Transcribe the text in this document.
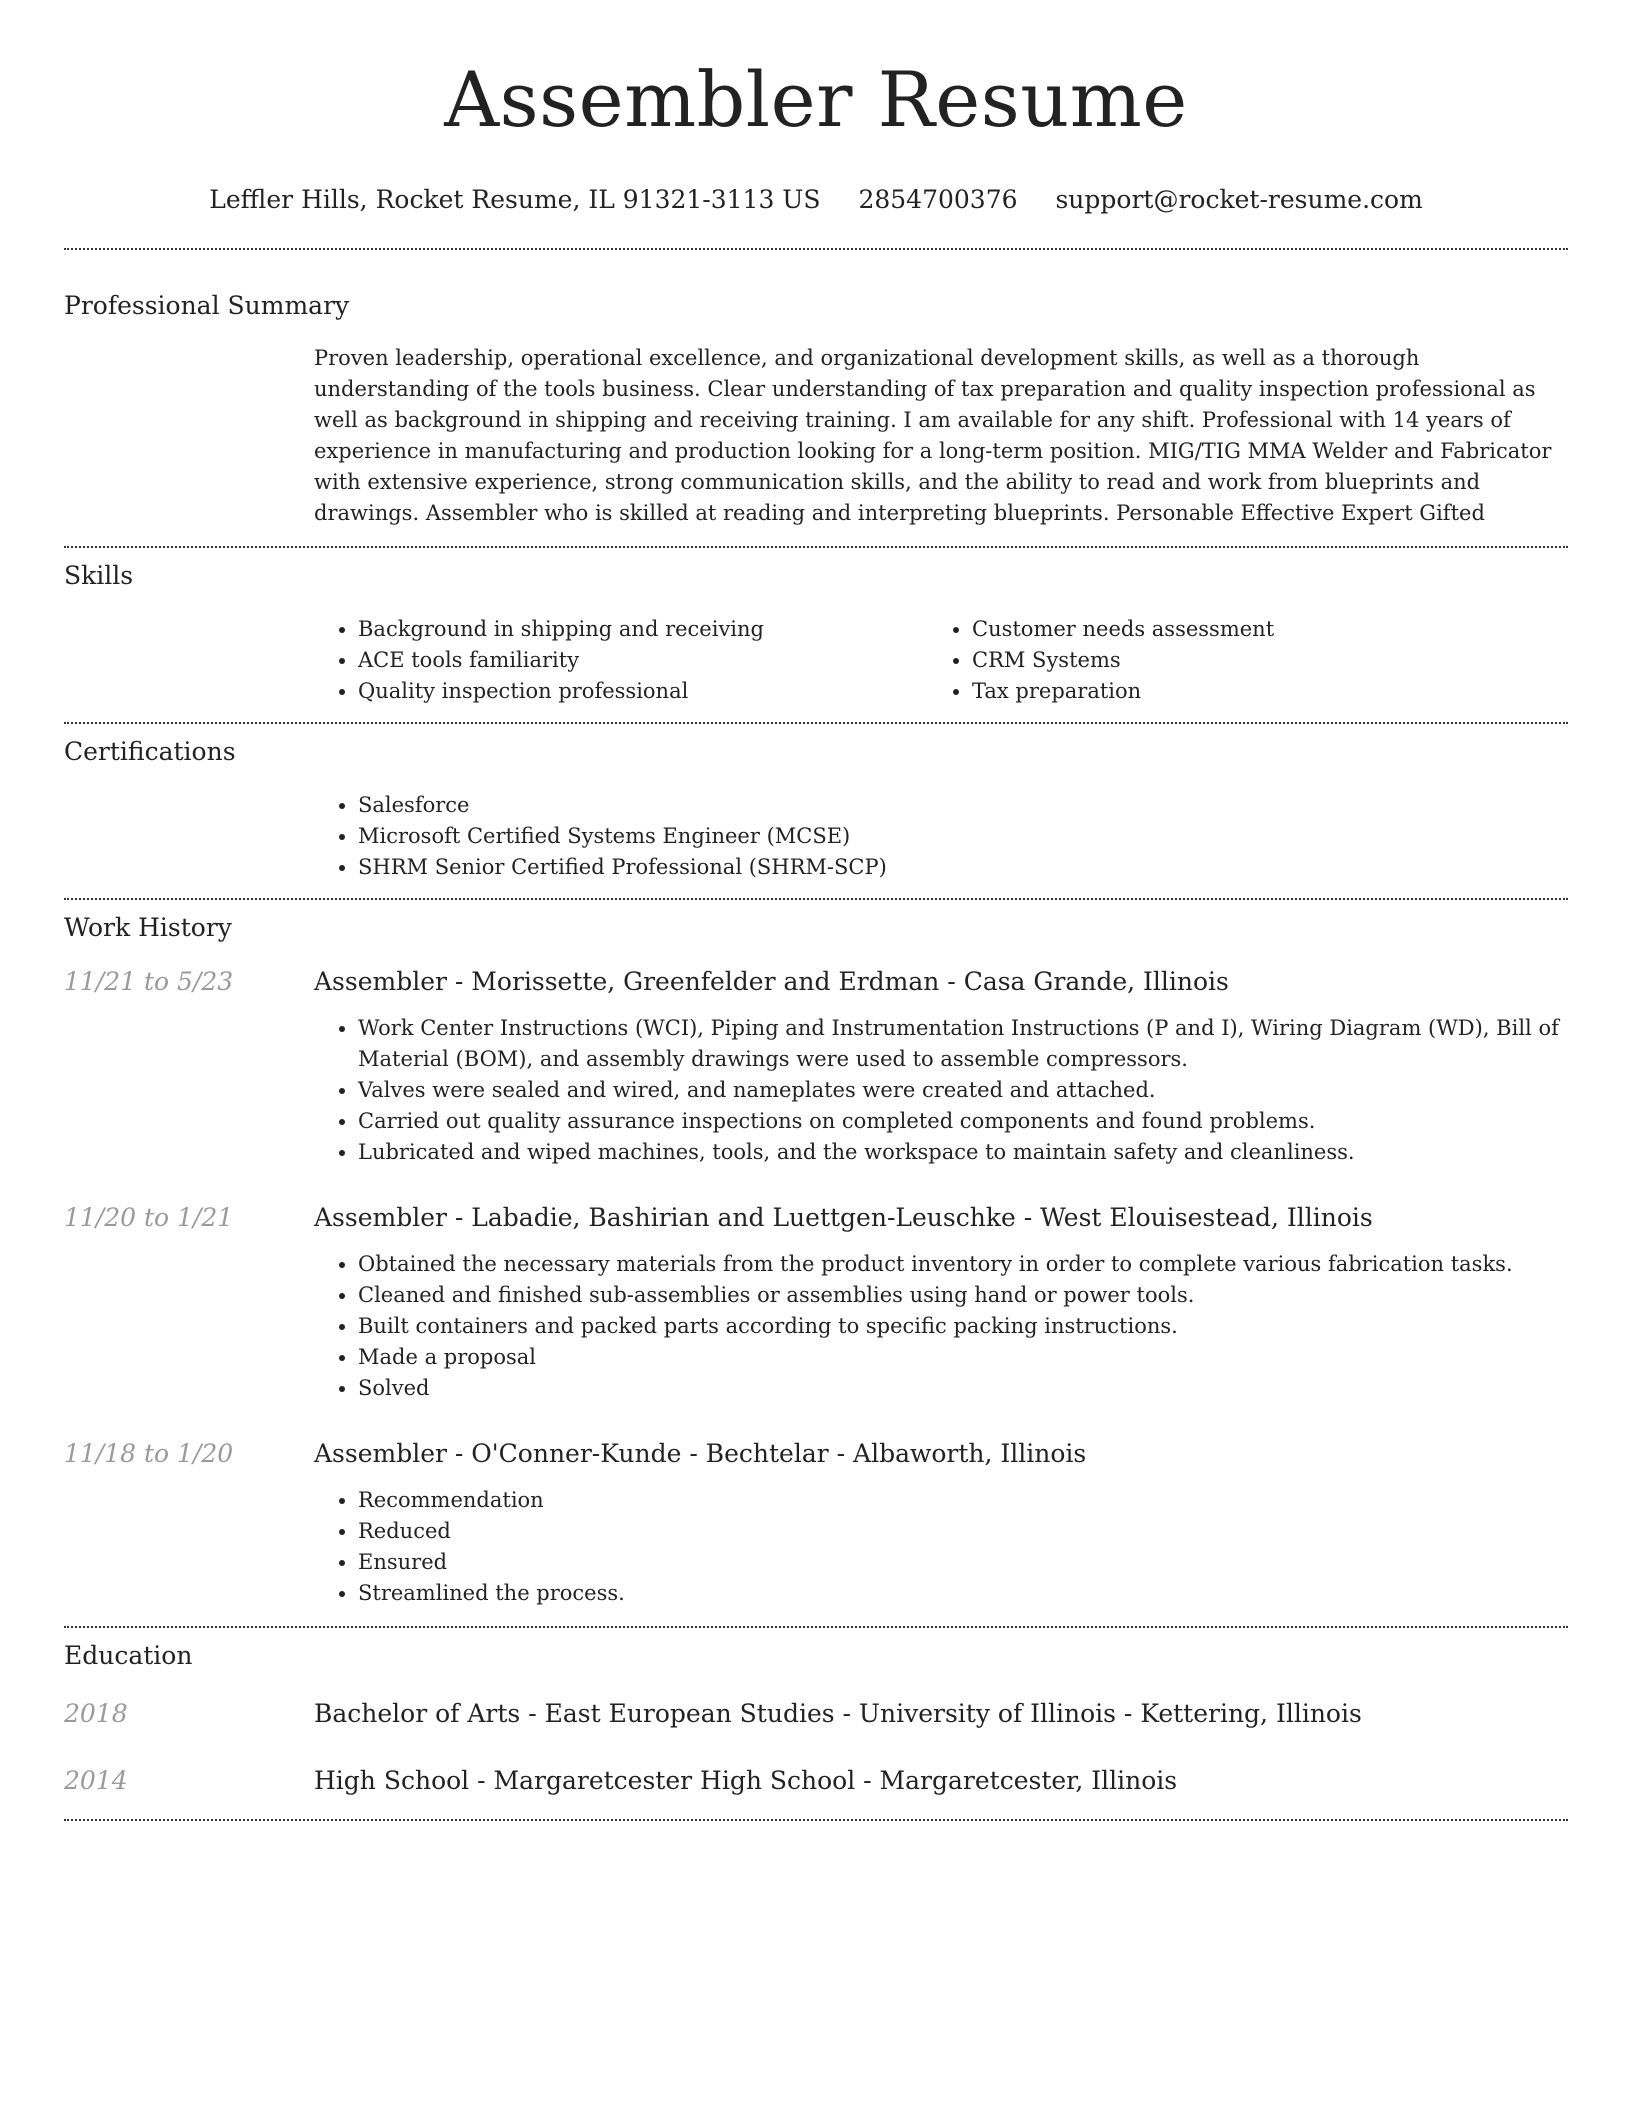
Assembler Resume
Leffler Hills, Rocket Resume, IL 91321-3113 US 2854700376 support@rocket-resume.com
Professional Summary

Proven leadership, operational excellence, and organizational development skills, as well as a thorough understanding of the tools business. Clear understanding of tax preparation and quality inspection professional as well as background in shipping and receiving training. I am available for any shift. Professional with 14 years of experience in manufacturing and production looking for a long-term position. MIG/TIG MMA Welder and Fabricator with extensive experience, strong communication skills, and the ability to read and work from blueprints and drawings. Assembler who is skilled at reading and interpreting blueprints. Personable Effective Expert Gifted

Skills
• Background in shipping and receiving
• ACE tools familiarity
• Quality inspection professional
• Customer needs assessment
• CRM Systems
• Tax preparation
Certifications
• Salesforce
• Microsoft Certified Systems Engineer (MCSE)
• SHRM Senior Certified Professional (SHRM-SCP)
Work History
11/21 to 5/23	Assembler - Morissette, Greenfelder and Erdman - Casa Grande, Illinois
• Work Center Instructions (WCI), Piping and Instrumentation Instructions (P and I), Wiring Diagram (WD), Bill of Material (BOM), and assembly drawings were used to assemble compressors.
• Valves were sealed and wired, and nameplates were created and attached.
• Carried out quality assurance inspections on completed components and found problems.
• Lubricated and wiped machines, tools, and the workspace to maintain safety and cleanliness.
11/20 to 1/21	Assembler - Labadie, Bashirian and Luettgen-Leuschke - West Elouisestead, Illinois
• Obtained the necessary materials from the product inventory in order to complete various fabrication tasks.
• Cleaned and finished sub-assemblies or assemblies using hand or power tools.
• Built containers and packed parts according to specific packing instructions.
• Made a proposal
• Solved
11/18 to 1/20	Assembler - O'Conner-Kunde - Bechtelar - Albaworth, Illinois
• Recommendation
• Reduced
• Ensured
• Streamlined the process.
Education
2018	Bachelor of Arts - East European Studies - University of Illinois - Kettering, Illinois
2014	High School - Margaretcester High School - Margaretcester, Illinois
